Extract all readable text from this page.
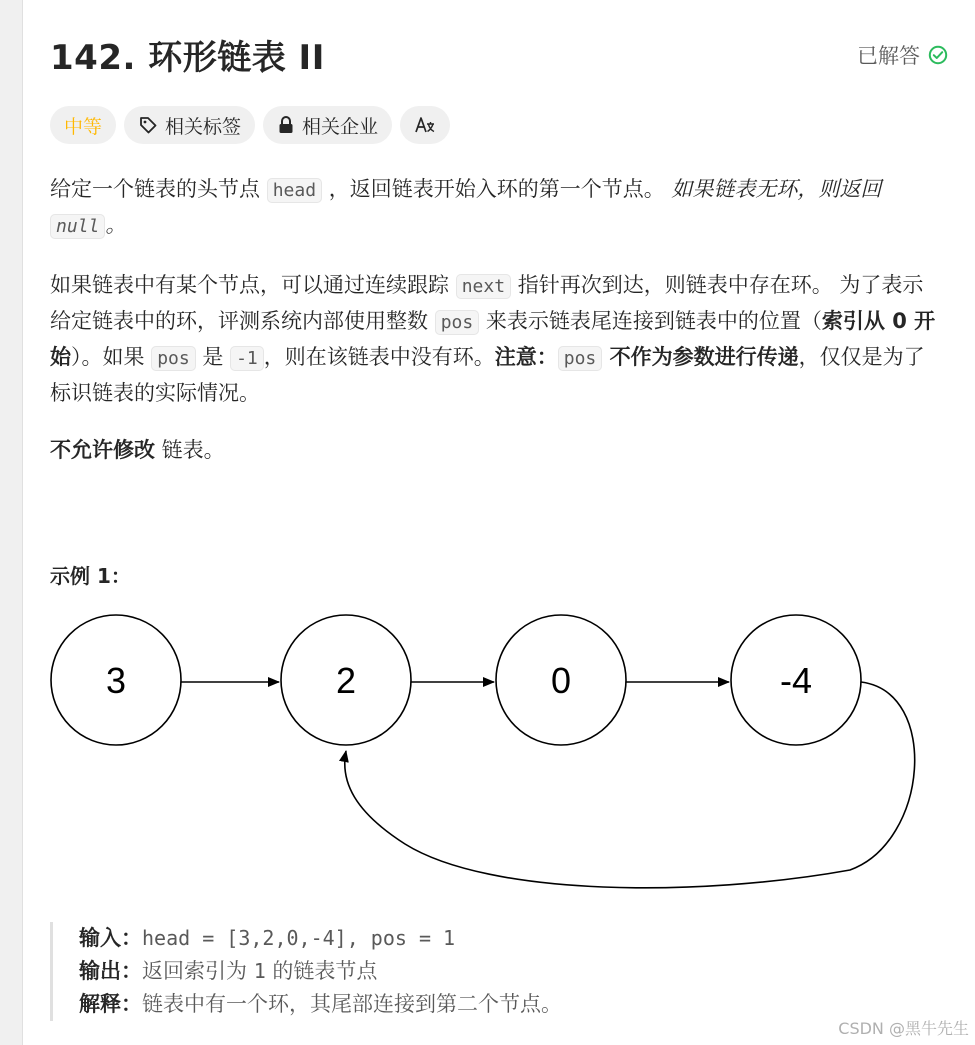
142. 环形链表 II	已解答
中等	相关标签	相关企业

给定一个链表的头节点 head ，返回链表开始入环的第一个节点。 如果链表无环，则返回 null 。

如果链表中有某个节点，可以通过连续跟踪 next 指针再次到达，则链表中存在环。 为了表示给定链表中的环，评测系统内部使用整数 pos 来表示链表尾连接到链表中的位置（索引从 0 开始）。如果 pos 是 -1 ，则在该链表中没有环。注意： pos 不作为参数进行传递，仅仅是为了标识链表的实际情况。

不允许修改 链表。

示例 1：
3	2	0	-4
输入：head = [3,2,0,-4], pos = 1
输出：返回索引为 1 的链表节点
解释：链表中有一个环，其尾部连接到第二个节点。
CSDN @黑牛先生
